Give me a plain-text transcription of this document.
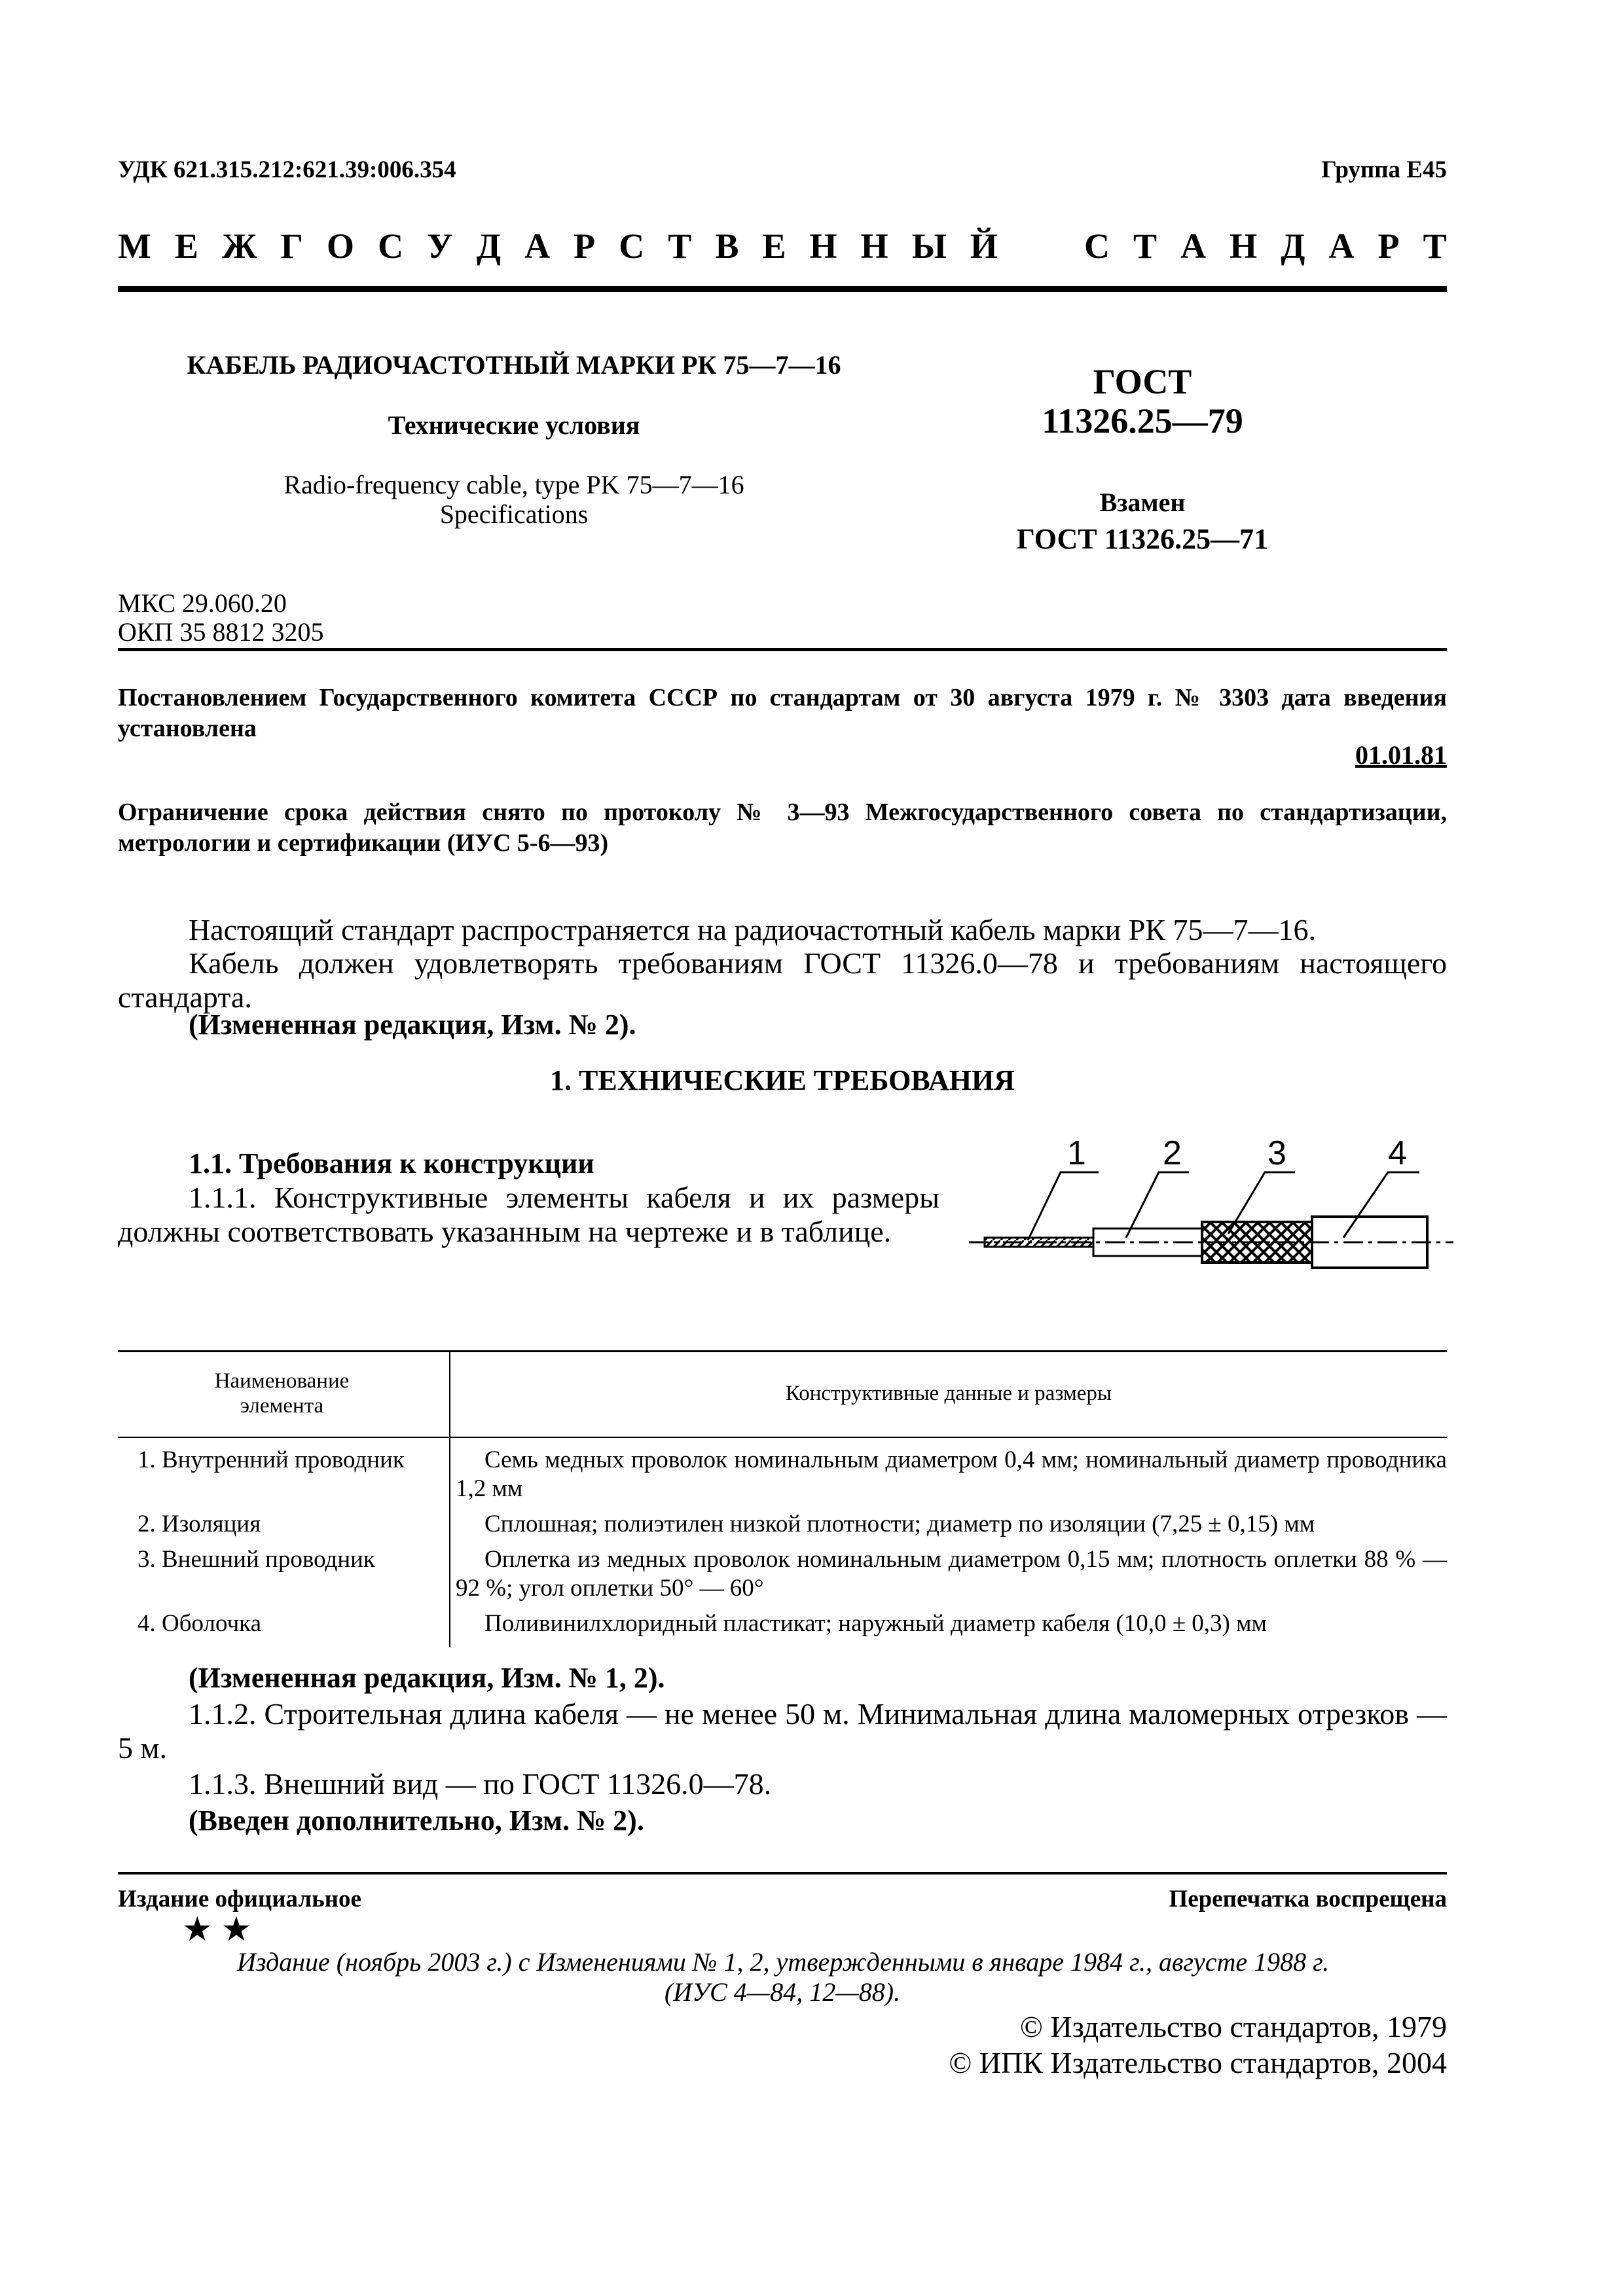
УДК 621.315.212:621.39:006.354	Группа Е45
М Е Ж Г О С У Д А Р С Т В Е Н Н Ы Й С Т А Н Д А Р Т
КАБЕЛЬ РАДИОЧАСТОТНЫЙ МАРКИ РК 75—7—16
Технические условия
Radio-frequency cable, type PK 75—7—16
Specifications
ГОСТ
11326.25—79
Взамен
ГОСТ 11326.25—71
МКС 29.060.20
ОКП 35 8812 3205
Постановлением Государственного комитета СССР по стандартам от 30 августа 1979 г. № 3303 дата введения установлена
01.01.81
Ограничение срока действия снято по протоколу № 3—93 Межгосударственного совета по стандартизации, метрологии и сертификации (ИУС 5-6—93)
Настоящий стандарт распространяется на радиочастотный кабель марки РК 75—7—16.
Кабель должен удовлетворять требованиям ГОСТ 11326.0—78 и требованиям настоящего стандарта.
(Измененная редакция, Изм. № 2).
1. ТЕХНИЧЕСКИЕ ТРЕБОВАНИЯ
1.1. Требования к конструкции
1.1.1. Конструктивные элементы кабеля и их размеры должны соответствовать указанным на чертеже и в таблице.
1 2	3	4
Наименование элемента	Конструктивные данные и размеры
1. Внутренний проводник	Семь медных проволок номинальным диаметром 0,4 мм; номинальный диаметр проводника 1,2 мм
2. Изоляция	Сплошная; полиэтилен низкой плотности; диаметр по изоляции (7,25 ± 0,15) мм
3. Внешний проводник	Оплетка из медных проволок номинальным диаметром 0,15 мм; плотность оплетки 88 % — 92 %; угол оплетки 50° — 60°
4. Оболочка	Поливинилхлоридный пластикат; наружный диаметр кабеля (10,0 ± 0,3) мм
(Измененная редакция, Изм. № 1, 2).
1.1.2. Строительная длина кабеля — не менее 50 м. Минимальная длина маломерных отрезков — 5 м.
1.1.3. Внешний вид — по ГОСТ 11326.0—78.
(Введен дополнительно, Изм. № 2).
Издание официальное	Перепечатка воспрещена
★ ★
Издание (ноябрь 2003 г.) с Изменениями № 1, 2, утвержденными в январе 1984 г., августе 1988 г.
(ИУС 4—84, 12—88).
© Издательство стандартов, 1979
© ИПК Издательство стандартов, 2004
